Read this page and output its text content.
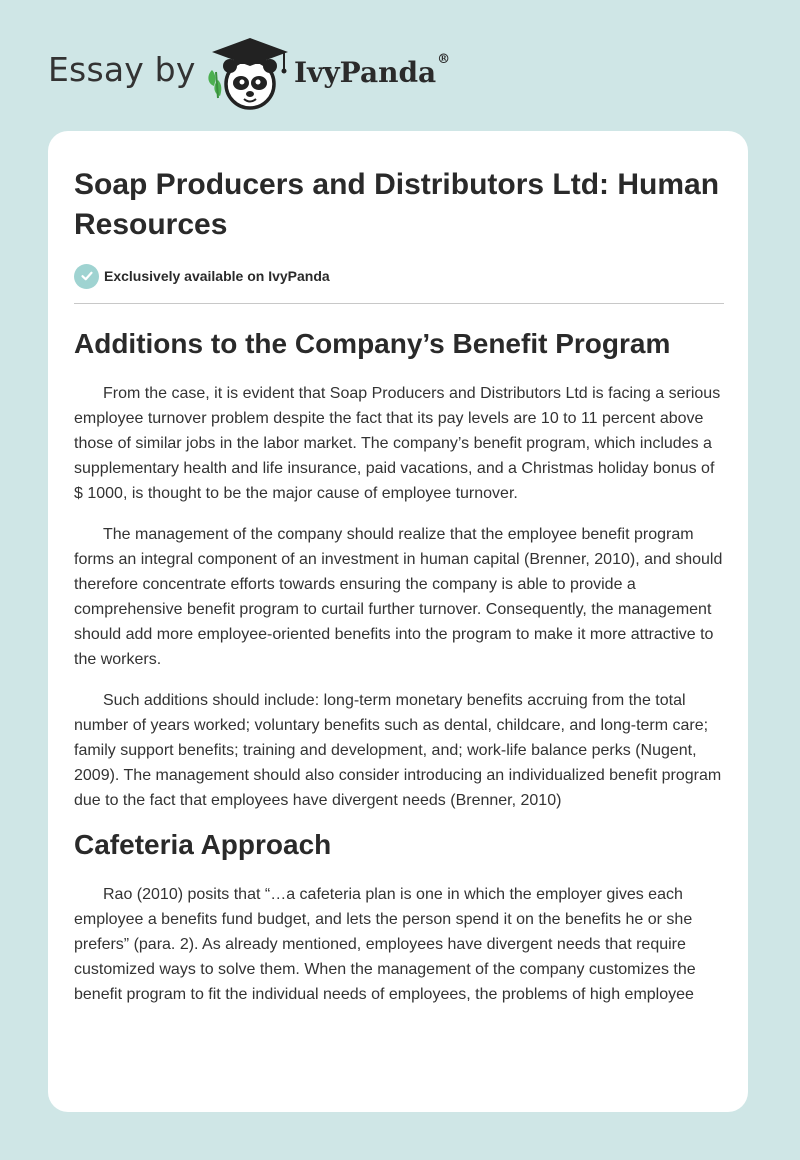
Essay by	IvyPanda®
Soap Producers and Distributors Ltd: Human Resources
Exclusively available on IvyPanda
Additions to the Company’s Benefit Program

From the case, it is evident that Soap Producers and Distributors Ltd is facing a serious employee turnover problem despite the fact that its pay levels are 10 to 11 percent above those of similar jobs in the labor market. The company’s benefit program, which includes a supplementary health and life insurance, paid vacations, and a Christmas holiday bonus of $ 1000, is thought to be the major cause of employee turnover.

The management of the company should realize that the employee benefit program forms an integral component of an investment in human capital (Brenner, 2010), and should therefore concentrate efforts towards ensuring the company is able to provide a comprehensive benefit program to curtail further turnover. Consequently, the management should add more employee-oriented benefits into the program to make it more attractive to the workers.

Such additions should include: long-term monetary benefits accruing from the total number of years worked; voluntary benefits such as dental, childcare, and long-term care; family support benefits; training and development, and; work-life balance perks (Nugent, 2009). The management should also consider introducing an individualized benefit program due to the fact that employees have divergent needs (Brenner, 2010)

Cafeteria Approach

Rao (2010) posits that “…a cafeteria plan is one in which the employer gives each employee a benefits fund budget, and lets the person spend it on the benefits he or she prefers” (para. 2). As already mentioned, employees have divergent needs that require customized ways to solve them. When the management of the company customizes the benefit program to fit the individual needs of employees, the problems of high employee
